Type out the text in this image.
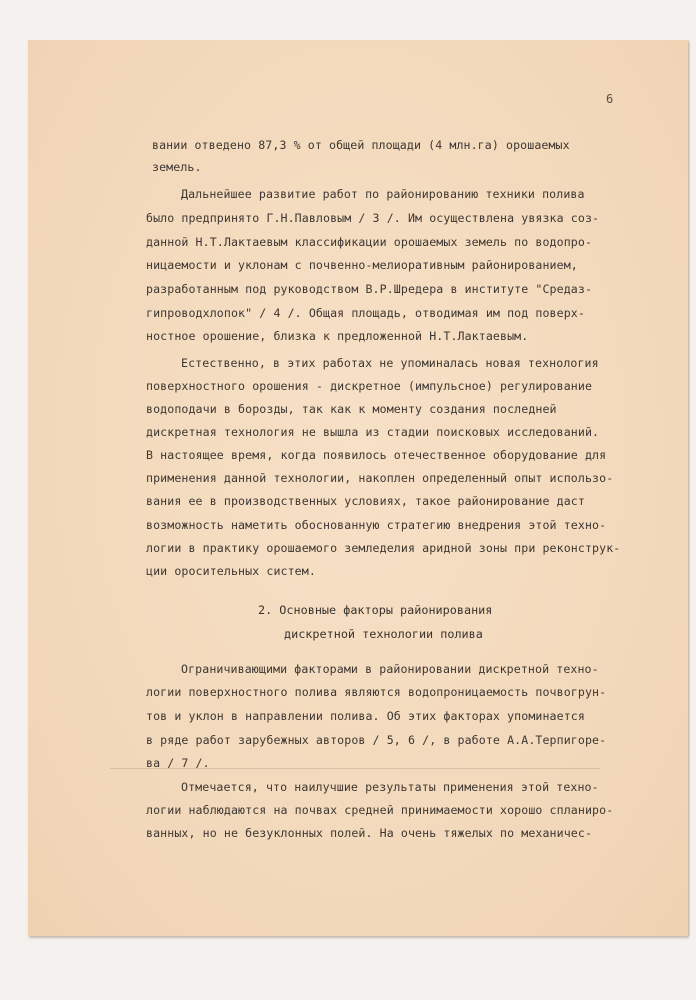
6
вании отведено 87,3 % от общей площади (4 млн.га) орошаемых
земель.
Дальнейшее развитие работ по районированию техники полива
было предпринято Г.Н.Павловым / 3 /. Им осуществлена увязка соз-
данной Н.Т.Лактаевым классификации орошаемых земель по водопро-
ницаемости и уклонам с почвенно-мелиоративным районированием,
разработанным под руководством В.Р.Шредера в институте "Средаз-
гипроводхлопок" / 4 /. Общая площадь, отводимая им под поверх-
ностное орошение, близка к предложенной Н.Т.Лактаевым.
Естественно, в этих работах не упоминалась новая технология
поверхностного орошения - дискретное (импульсное) регулирование
водоподачи в борозды, так как к моменту создания последней
дискретная технология не вышла из стадии поисковых исследований.
В настоящее время, когда появилось отечественное оборудование для
применения данной технологии, накоплен определенный опыт использо-
вания ее в производственных условиях, такое районирование даст
возможность наметить обоснованную стратегию внедрения этой техно-
логии в практику орошаемого земледелия аридной зоны при реконструк-
ции оросительных систем.
2. Основные факторы районирования
дискретной технологии полива
Ограничивающими факторами в районировании дискретной техно-
логии поверхностного полива являются водопроницаемость почвогрун-
тов и уклон в направлении полива. Об этих факторах упоминается
в ряде работ зарубежных авторов / 5, 6 /, в работе А.А.Терпигоре-
ва / 7 /.
Отмечается, что наилучшие результаты применения этой техно-
логии наблюдаются на почвах средней принимаемости хорошо спланиро-
ванных, но не безуклонных полей. На очень тяжелых по механичес-
